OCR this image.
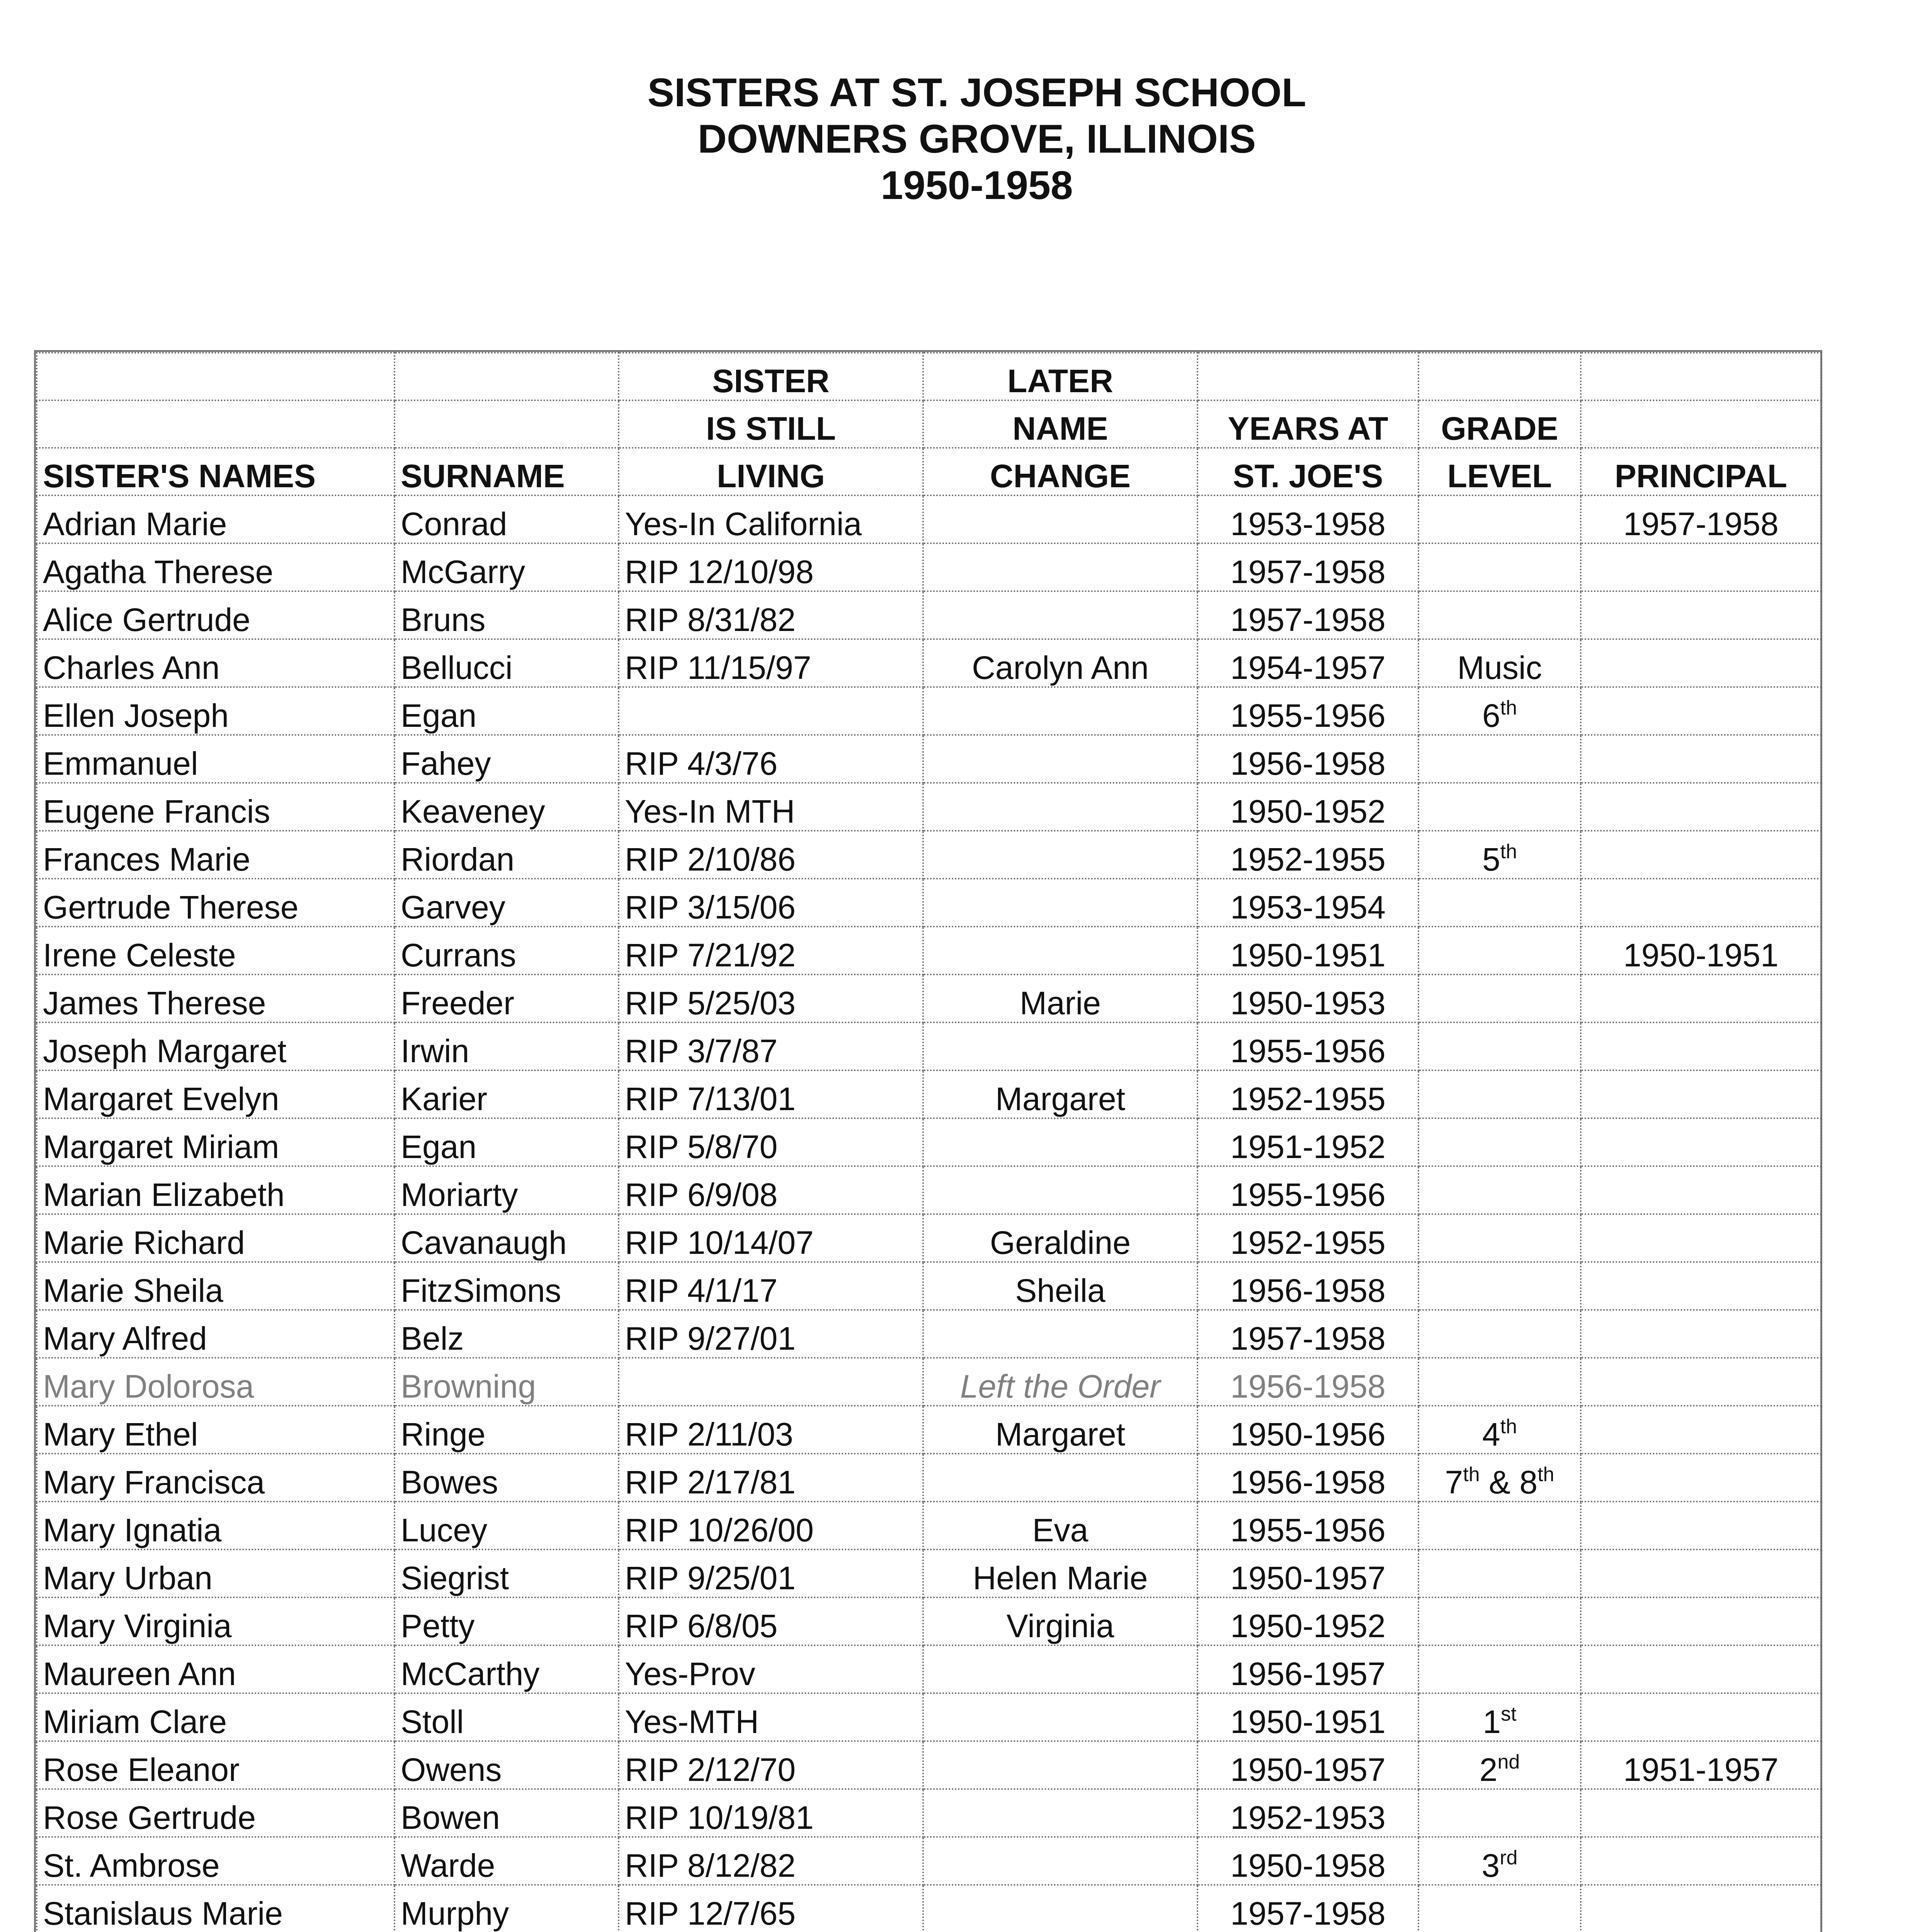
SISTERS AT ST. JOSEPH SCHOOL
DOWNERS GROVE, ILLINOIS
1950-1958
		SISTER	LATER			
		IS STILL	NAME	YEARS AT	GRADE	
SISTER'S NAMES	SURNAME	LIVING	CHANGE	ST. JOE'S	LEVEL	PRINCIPAL
Adrian Marie	Conrad	Yes-In California		1953-1958		1957-1958
Agatha Therese	McGarry	RIP 12/10/98		1957-1958		
Alice Gertrude	Bruns	RIP 8/31/82		1957-1958		
Charles Ann	Bellucci	RIP 11/15/97	Carolyn Ann	1954-1957	Music	
Ellen Joseph	Egan			1955-1956	6th	
Emmanuel	Fahey	RIP 4/3/76		1956-1958		
Eugene Francis	Keaveney	Yes-In MTH		1950-1952		
Frances Marie	Riordan	RIP 2/10/86		1952-1955	5th	
Gertrude Therese	Garvey	RIP 3/15/06		1953-1954		
Irene Celeste	Currans	RIP 7/21/92		1950-1951		1950-1951
James Therese	Freeder	RIP 5/25/03	Marie	1950-1953		
Joseph Margaret	Irwin	RIP 3/7/87		1955-1956		
Margaret Evelyn	Karier	RIP 7/13/01	Margaret	1952-1955		
Margaret Miriam	Egan	RIP 5/8/70		1951-1952		
Marian Elizabeth	Moriarty	RIP 6/9/08		1955-1956		
Marie Richard	Cavanaugh	RIP 10/14/07	Geraldine	1952-1955		
Marie Sheila	FitzSimons	RIP 4/1/17	Sheila	1956-1958		
Mary Alfred	Belz	RIP 9/27/01		1957-1958		
Mary Dolorosa	Browning		Left the Order	1956-1958		
Mary Ethel	Ringe	RIP 2/11/03	Margaret	1950-1956	4th	
Mary Francisca	Bowes	RIP 2/17/81		1956-1958	7th & 8th	
Mary Ignatia	Lucey	RIP 10/26/00	Eva	1955-1956		
Mary Urban	Siegrist	RIP 9/25/01	Helen Marie	1950-1957		
Mary Virginia	Petty	RIP 6/8/05	Virginia	1950-1952		
Maureen Ann	McCarthy	Yes-Prov		1956-1957		
Miriam Clare	Stoll	Yes-MTH		1950-1951	1st	
Rose Eleanor	Owens	RIP 2/12/70		1950-1957	2nd	1951-1957
Rose Gertrude	Bowen	RIP 10/19/81		1952-1953		
St. Ambrose	Warde	RIP 8/12/82		1950-1958	3rd	
Stanislaus Marie	Murphy	RIP 12/7/65		1957-1958		
